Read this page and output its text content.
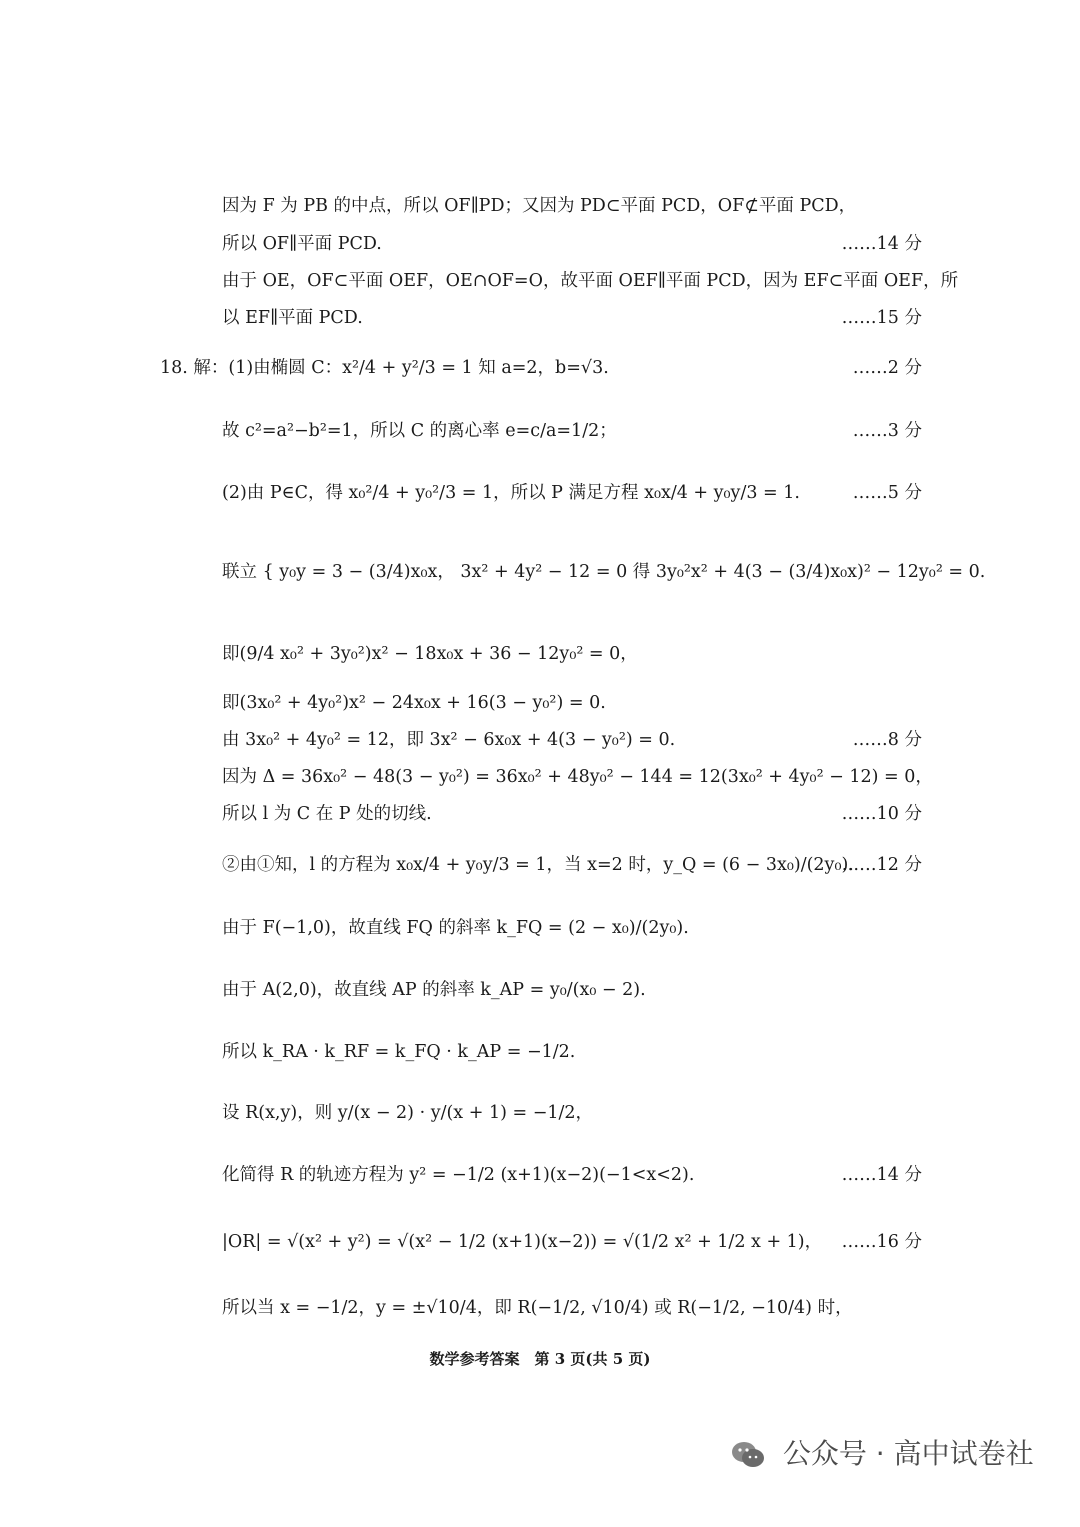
因为 F 为 PB 的中点，所以 OF∥PD；又因为 PD⊂平面 PCD，OF⊄平面 PCD，
所以 OF∥平面 PCD.	……14 分
由于 OE，OF⊂平面 OEF，OE∩OF=O，故平面 OEF∥平面 PCD，因为 EF⊂平面 OEF，所
以 EF∥平面 PCD.	……15 分
18. 解：(1)由椭圆 C：x²/4 + y²/3 = 1 知 a=2，b=√3.	……2 分
故 c²=a²−b²=1，所以 C 的离心率 e=c/a=1/2；	……3 分
(2)由 P∈C，得 x₀²/4 + y₀²/3 = 1，所以 P 满足方程 x₀x/4 + y₀y/3 = 1.	……5 分
联立 { y₀y = 3 − (3/4)x₀x， 3x² + 4y² − 12 = 0 得 3y₀²x² + 4(3 − (3/4)x₀x)² − 12y₀² = 0.
即(9/4 x₀² + 3y₀²)x² − 18x₀x + 36 − 12y₀² = 0，
即(3x₀² + 4y₀²)x² − 24x₀x + 16(3 − y₀²) = 0.
由 3x₀² + 4y₀² = 12，即 3x² − 6x₀x + 4(3 − y₀²) = 0.	……8 分
因为 Δ = 36x₀² − 48(3 − y₀²) = 36x₀² + 48y₀² − 144 = 12(3x₀² + 4y₀² − 12) = 0，
所以 l 为 C 在 P 处的切线.	……10 分
②由①知，l 的方程为 x₀x/4 + y₀y/3 = 1，当 x=2 时，y_Q = (6 − 3x₀)/(2y₀).
……12 分
由于 F(−1,0)，故直线 FQ 的斜率 k_FQ = (2 − x₀)/(2y₀).
由于 A(2,0)，故直线 AP 的斜率 k_AP = y₀/(x₀ − 2).
所以 k_RA · k_RF = k_FQ · k_AP = −1/2.
设 R(x,y)，则 y/(x − 2) · y/(x + 1) = −1/2，
化简得 R 的轨迹方程为 y² = −1/2 (x+1)(x−2)(−1<x<2).	……14 分
|OR| = √(x² + y²) = √(x² − 1/2 (x+1)(x−2)) = √(1/2 x² + 1/2 x + 1)， ……16 分
所以当 x = −1/2，y = ±√10/4，即 R(−1/2, √10/4) 或 R(−1/2, −10/4) 时，
数学参考答案　第 3 页(共 5 页)
公众号 · 高中试卷社
